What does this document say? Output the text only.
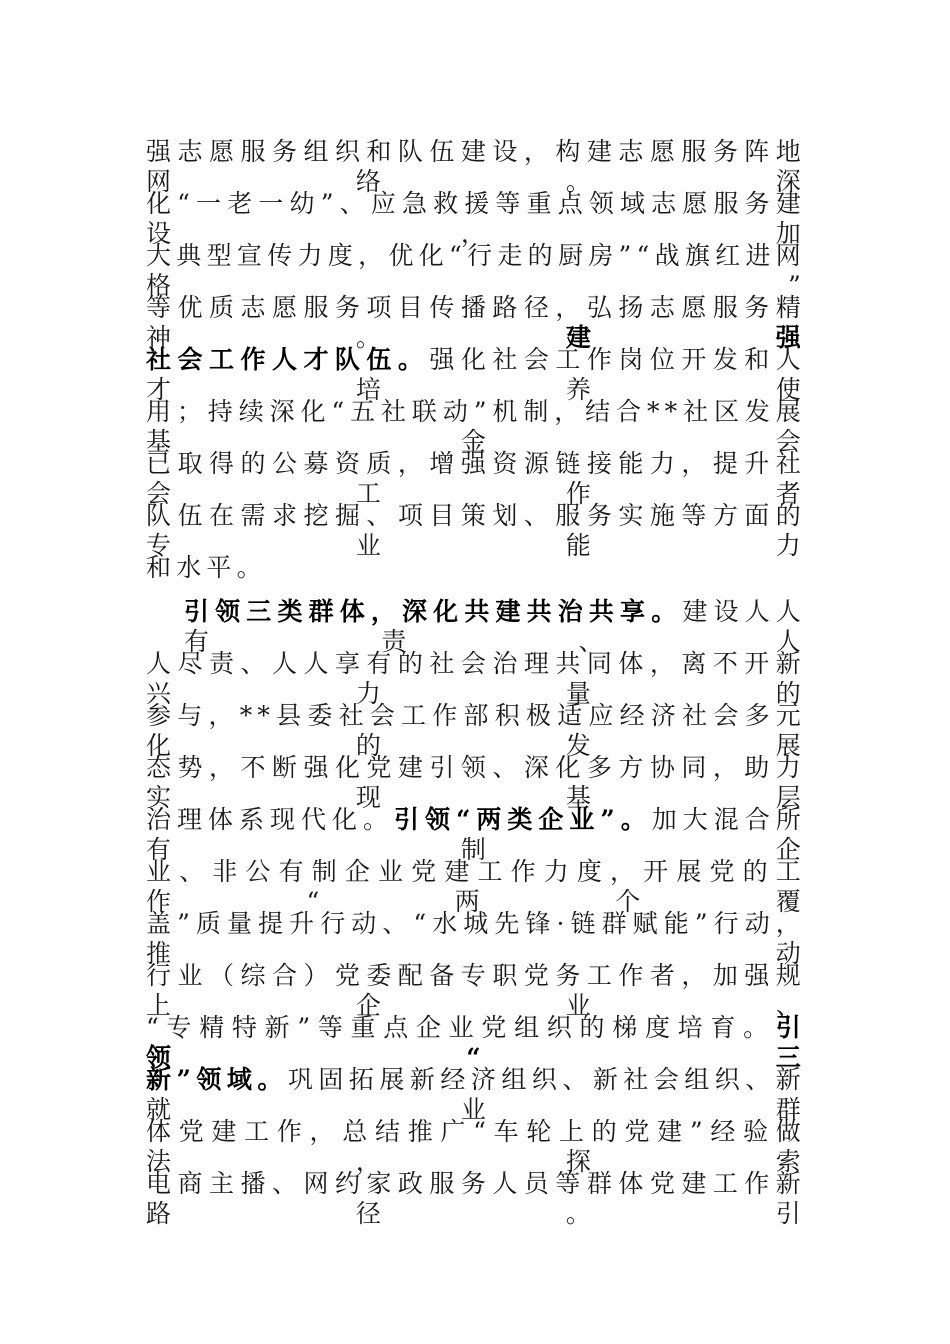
强志愿服务组织和队伍建设，构建志愿服务阵地网络。深
化“一老一幼”、应急救援等重点领域志愿服务建设，加
大典型宣传力度，优化“行走的厨房”“战旗红进网格”
等优质志愿服务项目传播路径，弘扬志愿服务精神。建强
社会工作人才队伍。强化社会工作岗位开发和人才培养使
用；持续深化“五社联动”机制，结合**社区发展基金会
已取得的公募资质，增强资源链接能力，提升社会工作者
队伍在需求挖掘、项目策划、服务实施等方面的专业能力
和水平。
引领三类群体，深化共建共治共享。建设人人有责、人
人尽责、人人享有的社会治理共同体，离不开新兴力量的
参与，**县委社会工作部积极适应经济社会多元化的发展
态势，不断强化党建引领、深化多方协同，助力实现基层
治理体系现代化。引领“两类企业”。加大混合所有制企
业、非公有制企业党建工作力度，开展党的工作“两个覆
盖”质量提升行动、“水城先锋·链群赋能”行动，推动
行业（综合）党委配备专职党务工作者，加强规上企业、
“专精特新”等重点企业党组织的梯度培育。引领“三
新”领域。巩固拓展新经济组织、新社会组织、新就业群
体党建工作，总结推广“车轮上的党建”经验做法，探索
电商主播、网约家政服务人员等群体党建工作新路径。引
